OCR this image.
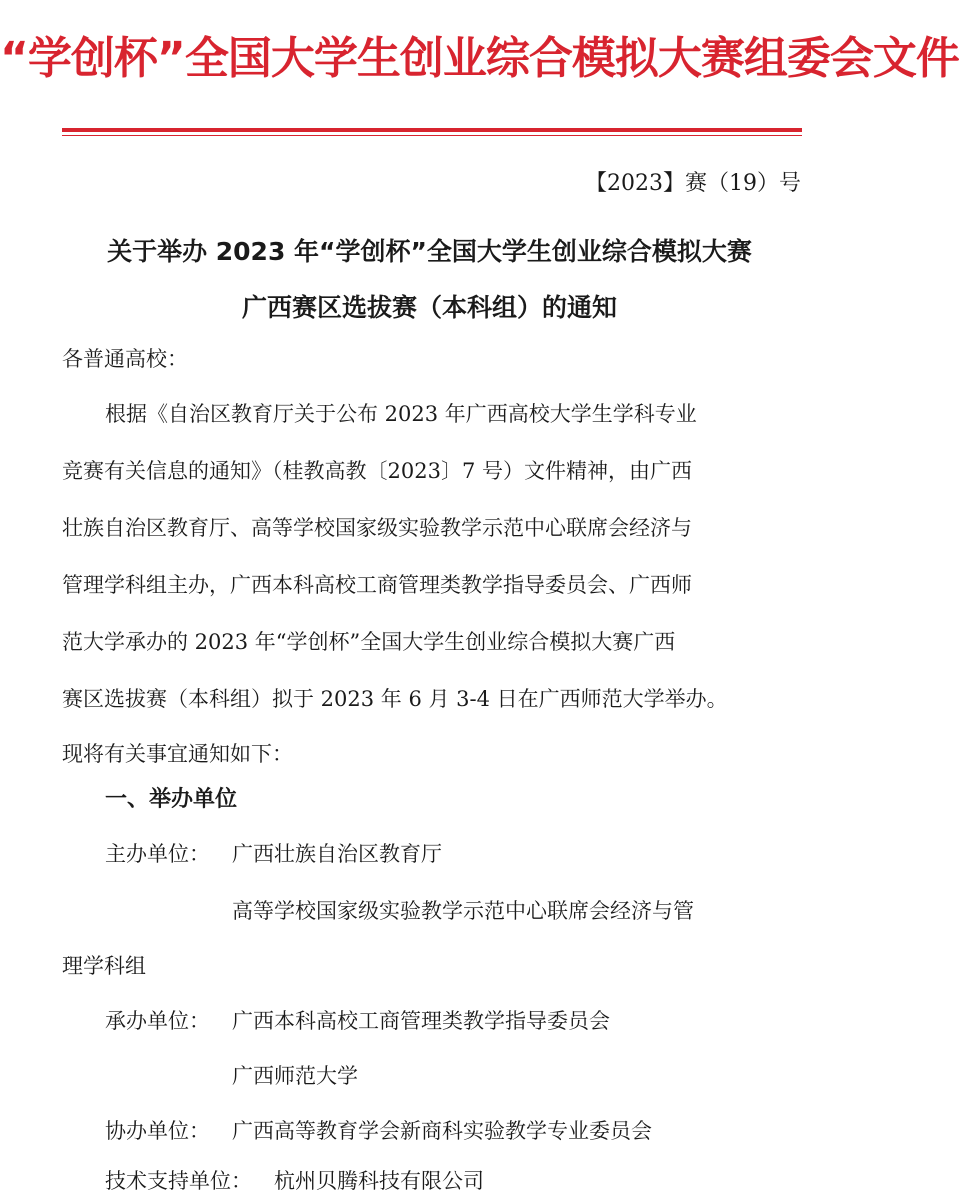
“学创杯”全国大学生创业综合模拟大赛组委会文件
【2023】赛（19）号
关于举办 2023 年“学创杯”全国大学生创业综合模拟大赛
广西赛区选拔赛（本科组）的通知
各普通高校：
根据《自治区教育厅关于公布 2023 年广西高校大学生学科专业
竞赛有关信息的通知》（桂教高教〔2023〕7 号）文件精神，由广西
壮族自治区教育厅、高等学校国家级实验教学示范中心联席会经济与
管理学科组主办，广西本科高校工商管理类教学指导委员会、广西师
范大学承办的 2023 年“学创杯”全国大学生创业综合模拟大赛广西
赛区选拔赛（本科组）拟于 2023 年 6 月 3-4 日在广西师范大学举办。
现将有关事宜通知如下：
一、举办单位
主办单位： 广西壮族自治区教育厅
高等学校国家级实验教学示范中心联席会经济与管
理学科组
承办单位： 广西本科高校工商管理类教学指导委员会
广西师范大学
协办单位： 广西高等教育学会新商科实验教学专业委员会
技术支持单位： 杭州贝腾科技有限公司
